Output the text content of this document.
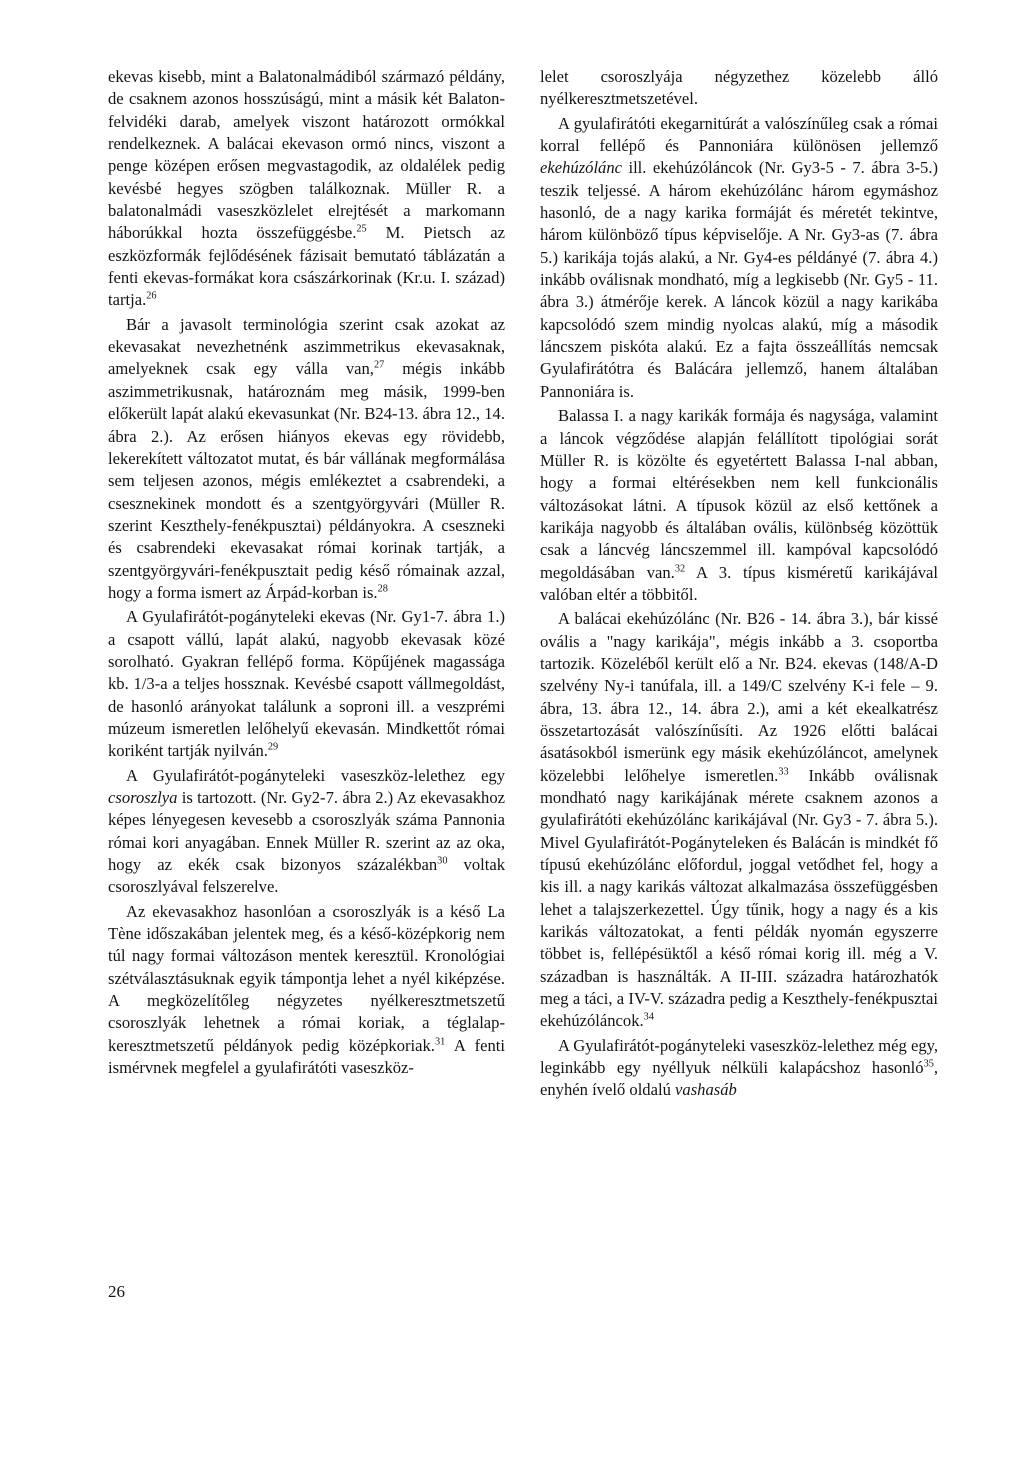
ekevas kisebb, mint a Balatonalmádiból származó példány, de csaknem azonos hosszúságú, mint a másik két Balaton-felvidéki darab, amelyek viszont határozott ormókkal rendelkeznek. A balácai ekevason ormó nincs, viszont a penge középen erősen megvastagodik, az oldalélek pedig kevésbé hegyes szögben találkoznak. Müller R. a balatonalmádi vaseszközlelet elrejtését a markomann háborúkkal hozta összefüggésbe.$^{25}$ M. Pietsch az eszközformák fejlődésének fázisait bemutató táblázatán a fenti ekevas-formákat kora császárkorinak (Kr.u. I. század) tartja.$^{26}$

Bár a javasolt terminológia szerint csak azokat az ekevasakat nevezhetnénk aszimmetrikus ekevasaknak, amelyeknek csak egy válla van,$^{27}$ mégis inkább aszimmetrikusnak, határoznám meg másik, 1999-ben előkerült lapát alakú ekevasunkat (Nr. B24-13. ábra 12., 14. ábra 2.). Az erősen hiányos ekevas egy rövidebb, lekerekített változatot mutat, és bár vállának megformálása sem teljesen azonos, mégis emlékeztet a csabrendeki, a csesznekinek mondott és a szentgyörgyvári (Müller R. szerint Keszthely-fenékpusztai) példányokra. A cseszneki és csabrendeki ekevasakat római korinak tartják, a szentgyörgyvári-fenékpusztait pedig késő rómainak azzal, hogy a forma ismert az Árpád-korban is.$^{28}$

A Gyulafirátót-pogányteleki ekevas (Nr. Gy1-7. ábra 1.) a csapott vállú, lapát alakú, nagyobb ekevasak közé sorolható. Gyakran fellépő forma. Köpűjének magassága kb. 1/3-a a teljes hossznak. Kevésbé csapott vállmegoldást, de hasonló arányokat találunk a soproni ill. a veszprémi múzeum ismeretlen lelőhelyű ekevasán. Mindkettőt római koriként tartják nyilván.$^{29}$

A Gyulafirátót-pogányteleki vaseszköz-lelethez egy csoroszlya is tartozott. (Nr. Gy2-7. ábra 2.) Az ekevasakhoz képes lényegesen kevesebb a csoroszlyák száma Pannonia római kori anyagában. Ennek Müller R. szerint az az oka, hogy az ekék csak bizonyos százalékban$^{30}$ voltak csoroszlyával felszerelve.

Az ekevasakhoz hasonlóan a csoroszlyák is a késő La Tène időszakában jelentek meg, és a késő-középkorig nem túl nagy formai változáson mentek keresztül. Kronológiai szétválasztásuknak egyik támpontja lehet a nyél kiképzése. A megközelítőleg négyzetes nyélkeresztmetszetű csoroszlyák lehetnek a római koriak, a téglalap-keresztmetszetű példányok pedig középkoriak.$^{31}$ A fenti ismérvnek megfelel a gyulafirátóti vaseszköz-

lelet csoroszlyája négyzethez közelebb álló nyélkeresztmetszetével.

A gyulafirátóti ekegarnitúrát a valószínűleg csak a római korral fellépő és Pannoniára különösen jellemző ekehúzólánc ill. ekehúzóláncok (Nr. Gy3-5 - 7. ábra 3-5.) teszik teljessé. A három ekehúzólánc három egymáshoz hasonló, de a nagy karika formáját és méretét tekintve, három különböző típus képviselője. A Nr. Gy3-as (7. ábra 5.) karikája tojás alakú, a Nr. Gy4-es példányé (7. ábra 4.) inkább oválisnak mondható, míg a legkisebb (Nr. Gy5 - 11. ábra 3.) átmérője kerek. A láncok közül a nagy karikába kapcsolódó szem mindig nyolcas alakú, míg a második láncszem piskóta alakú. Ez a fajta összeállítás nemcsak Gyulafirátótra és Balácára jellemző, hanem általában Pannoniára is.

Balassa I. a nagy karikák formája és nagysága, valamint a láncok végződése alapján felállított tipológiai sorát Müller R. is közölte és egyetértett Balassa I-nal abban, hogy a formai eltérésekben nem kell funkcionális változásokat látni. A típusok közül az első kettőnek a karikája nagyobb és általában ovális, különbség közöttük csak a láncvég láncszemmel ill. kampóval kapcsolódó megoldásában van.$^{32}$ A 3. típus kisméretű karikájával valóban eltér a többitől.

A balácai ekehúzólánc (Nr. B26 - 14. ábra 3.), bár kissé ovális a "nagy karikája", mégis inkább a 3. csoportba tartozik. Közeléből került elő a Nr. B24. ekevas (148/A-D szelvény Ny-i tanúfala, ill. a 149/C szelvény K-i fele – 9. ábra, 13. ábra 12., 14. ábra 2.), ami a két ekealkatrész összetartozását valószínűsíti. Az 1926 előtti balácai ásatásokból ismerünk egy másik ekehúzóláncot, amelynek közelebbi lelőhelye ismeretlen.$^{33}$ Inkább oválisnak mondható nagy karikájának mérete csaknem azonos a gyulafirátóti ekehúzólánc karikájával (Nr. Gy3 - 7. ábra 5.). Mivel Gyulafirátót-Pogányteleken és Balácán is mindkét fő típusú ekehúzólánc előfordul, joggal vetődhet fel, hogy a kis ill. a nagy karikás változat alkalmazása összefüggésben lehet a talajszerkezettel. Úgy tűnik, hogy a nagy és a kis karikás változatokat, a fenti példák nyomán egyszerre többet is, fellépésüktől a késő római korig ill. még a V. században is használták. A II-III. századra határozhatók meg a táci, a IV-V. századra pedig a Keszthely-fenékpusztai ekehúzóláncok.$^{34}$

A Gyulafirátót-pogányteleki vaseszköz-lelethez még egy, leginkább egy nyéllyuk nélküli kalapácshoz hasonló$^{35}$, enyhén ívelő oldalú vashasáb

26
